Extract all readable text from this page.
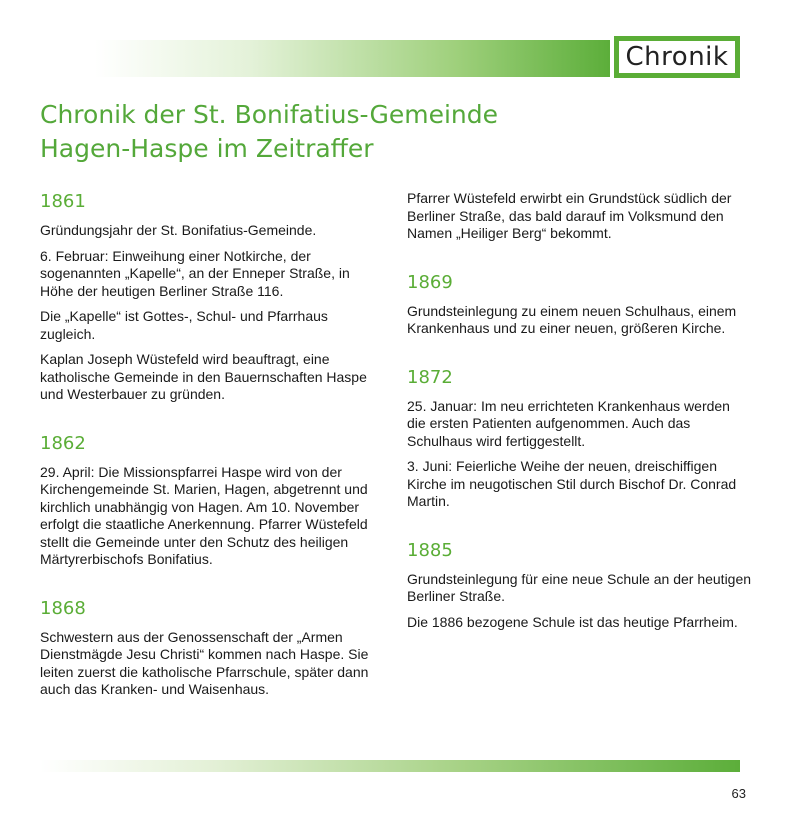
Chronik
Chronik der St. Bonifatius-Gemeinde
Hagen-Haspe im Zeitraffer
1861

Gründungsjahr der St. Bonifatius-Gemeinde.

6. Februar: Einweihung einer Notkirche, der sogenannten „Kapelle“, an der Enneper Straße, in Höhe der heutigen Berliner Straße 116.

Die „Kapelle“ ist Gottes-, Schul- und Pfarrhaus zugleich.

Kaplan Joseph Wüstefeld wird beauftragt, eine katholische Gemeinde in den Bauernschaften Haspe und Westerbauer zu gründen.

1862

29. April: Die Missionspfarrei Haspe wird von der Kirchengemeinde St. Marien, Hagen, abgetrennt und kirchlich unabhängig von Hagen. Am 10. November erfolgt die staatliche Anerkennung. Pfarrer Wüstefeld stellt die Gemeinde unter den Schutz des heiligen Märtyrerbischofs Bonifatius.

1868

Schwestern aus der Genossenschaft der „Armen Dienstmägde Jesu Christi“ kommen nach Haspe. Sie leiten zuerst die katholische Pfarrschule, später dann auch das Kranken- und Waisenhaus.

Pfarrer Wüstefeld erwirbt ein Grundstück südlich der Berliner Straße, das bald darauf im Volksmund den Namen „Heiliger Berg“ bekommt.

1869

Grundsteinlegung zu einem neuen Schulhaus, einem Krankenhaus und zu einer neuen, größeren Kirche.

1872

25. Januar: Im neu errichteten Krankenhaus werden die ersten Patienten aufgenommen. Auch das Schulhaus wird fertiggestellt.

3. Juni: Feierliche Weihe der neuen, dreischiffigen Kirche im neugotischen Stil durch Bischof Dr. Conrad Martin.

1885

Grundsteinlegung für eine neue Schule an der heutigen Berliner Straße.

Die 1886 bezogene Schule ist das heutige Pfarrheim.

63
